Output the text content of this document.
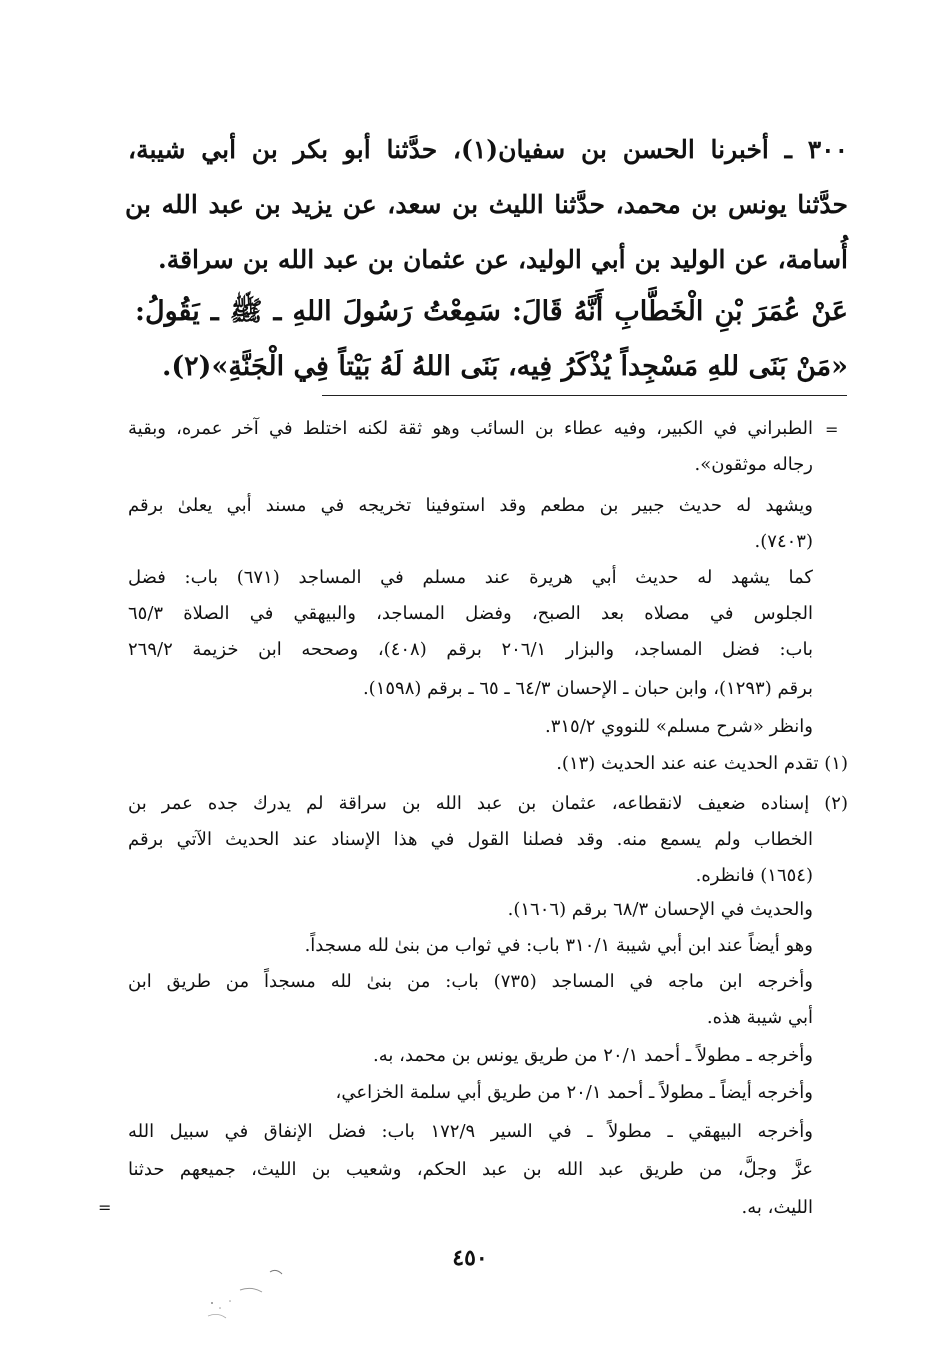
٣٠٠ ـ أخبرنا الحسن بن سفيان(١)، حدَّثنا أبو بكر بن أبي شيبة،
حدَّثنا يونس بن محمد، حدَّثنا الليث بن سعد، عن يزيد بن عبد الله بن
أُسامة، عن الوليد بن أبي الوليد، عن عثمان بن عبد الله بن سراقة.
عَنْ عُمَرَ بْنِ الْخَطَّابِ أَنَّهُ قَالَ: سَمِعْتُ رَسُولَ اللهِ ـ ﷺ ـ يَقُولُ:
«مَنْ بَنَى للهِ مَسْجِداً يُذْكَرُ فِيه، بَنَى اللهُ لَهُ بَيْتاً فِي الْجَنَّةِ»(٢).
=
الطبراني في الكبير، وفيه عطاء بن السائب وهو ثقة لكنه اختلط في آخر عمره، وبقية
رجاله موثقون».
ويشهد له حديث جبير بن مطعم وقد استوفينا تخريجه في مسند أبي يعلىٰ برقم
(٧٤٠٣).
كما يشهد له حديث أبي هريرة عند مسلم في المساجد (٦٧١) باب: فضل
الجلوس في مصلاه بعد الصبح، وفضل المساجد، والبيهقي في الصلاة ٦٥/٣
باب: فضل المساجد، والبزار ٢٠٦/١ برقم (٤٠٨)، وصححه ابن خزيمة ٢٦٩/٢
برقم (١٢٩٣)، وابن حبان ـ الإحسان ٦٤/٣ ـ ٦٥ ـ برقم (١٥٩٨).
وانظر «شرح مسلم» للنووي ٣١٥/٢.
(١) تقدم الحديث عنه عند الحديث (١٣).
(٢) إسناده ضعيف لانقطاعه، عثمان بن عبد الله بن سراقة لم يدرك جده عمر بن
الخطاب ولم يسمع منه. وقد فصلنا القول في هذا الإسناد عند الحديث الآتي برقم
(١٦٥٤) فانظره.
والحديث في الإحسان ٦٨/٣ برقم (١٦٠٦).
وهو أيضاً عند ابن أبي شيبة ٣١٠/١ باب: في ثواب من بنىٰ لله مسجداً.
وأخرجه ابن ماجه في المساجد (٧٣٥) باب: من بنىٰ لله مسجداً من طريق ابن
أبي شيبة هذه.
وأخرجه ـ مطولاً ـ أحمد ٢٠/١ من طريق يونس بن محمد، به.
وأخرجه أيضاً ـ مطولاً ـ أحمد ٢٠/١ من طريق أبي سلمة الخزاعي،
وأخرجه البيهقي ـ مطولاً ـ في السير ١٧٢/٩ باب: فضل الإنفاق في سبيل الله
عزَّ وجلَّ، من طريق عبد الله بن عبد الحكم، وشعيب بن الليث، جميعهم حدثنا
الليث، به.
=
٤٥٠
